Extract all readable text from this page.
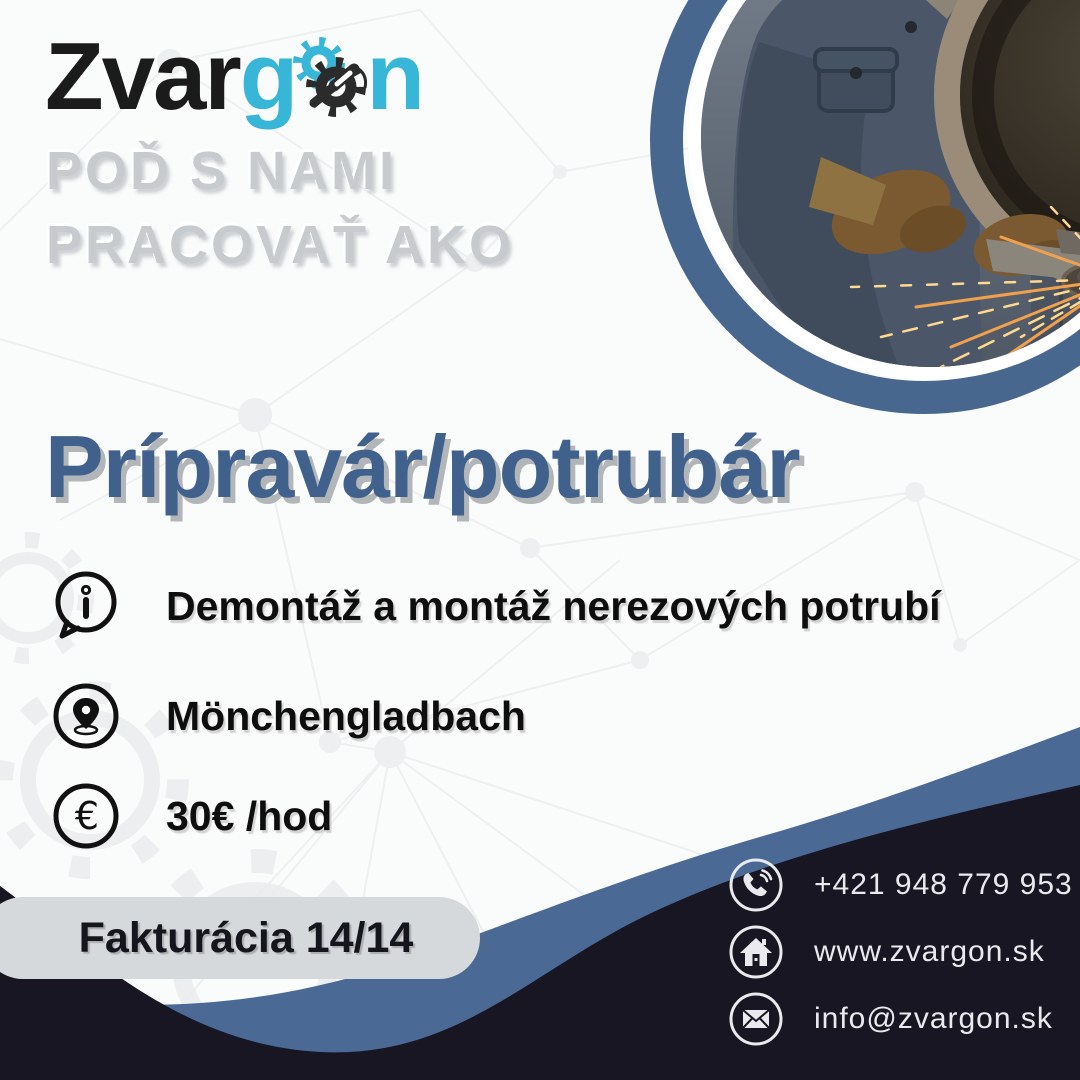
Zvarg n
POĎ S NAMI
PRACOVAŤ AKO
Prípravár/potrubár
Demontáž a montáž nerezových potrubí
Mönchengladbach
€ 30€ /hod
Fakturácia 14/14
+421 948 779 953
www.zvargon.sk
info@zvargon.sk
